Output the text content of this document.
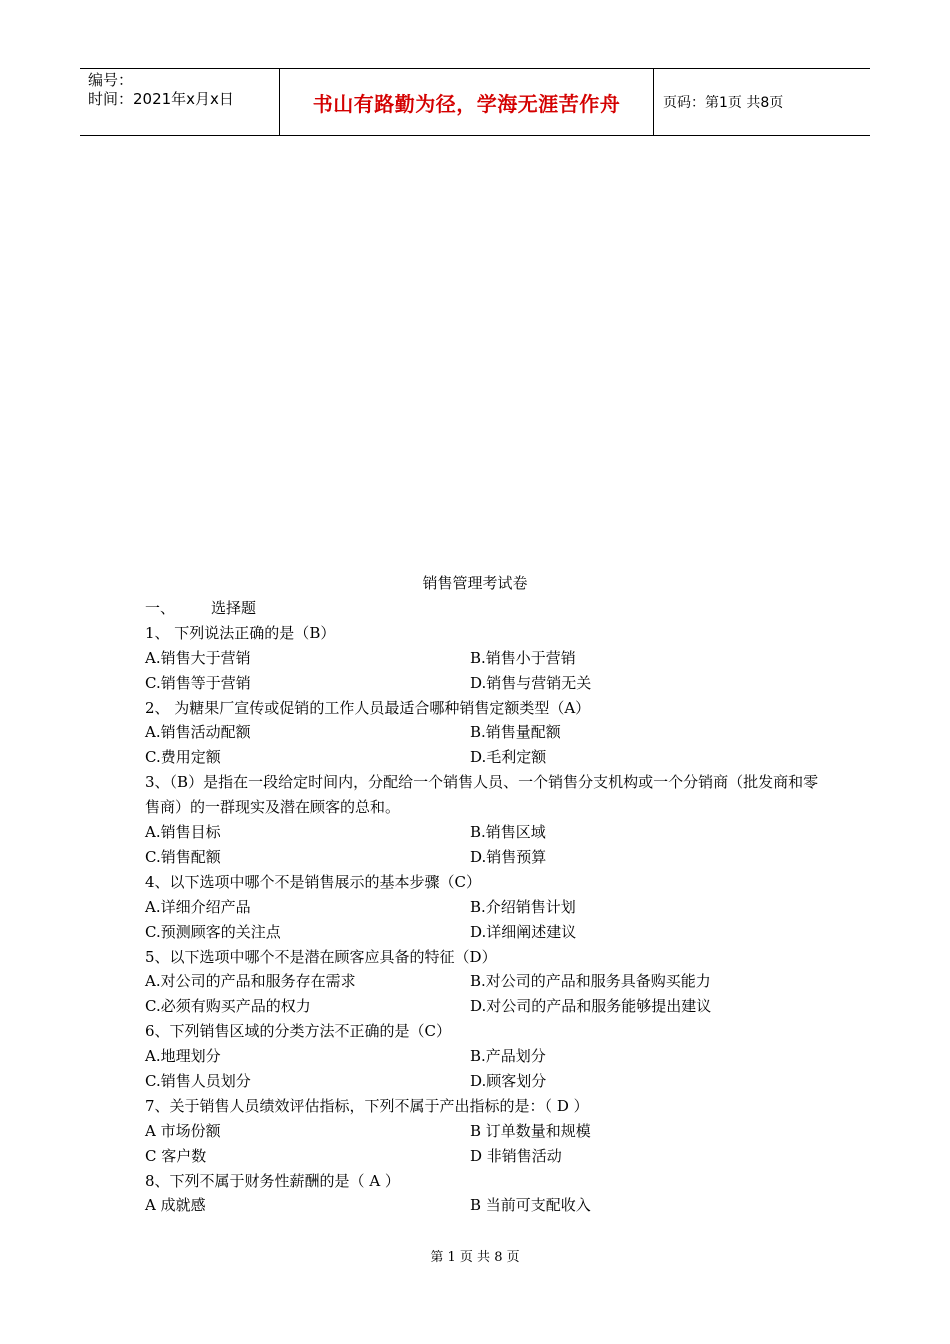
编号：
时间：2021年x月x日	书山有路勤为径，学海无涯苦作舟	页码：第1页 共8页
销售管理考试卷
一、 选择题
1、 下列说法正确的是（B）
A.销售大于营销	B.销售小于营销
C.销售等于营销	D.销售与营销无关
2、 为糖果厂宣传或促销的工作人员最适合哪种销售定额类型（A）
A.销售活动配额	B.销售量配额
C.费用定额	D.毛利定额
3、（B）是指在一段给定时间内，分配给一个销售人员、一个销售分支机构或一个分销商（批发商和零售商）的一群现实及潜在顾客的总和。
A.销售目标	B.销售区域
C.销售配额	D.销售预算
4、以下选项中哪个不是销售展示的基本步骤（C）
A.详细介绍产品	B.介绍销售计划
C.预测顾客的关注点	D.详细阐述建议
5、以下选项中哪个不是潜在顾客应具备的特征（D）
A.对公司的产品和服务存在需求	B.对公司的产品和服务具备购买能力
C.必须有购买产品的权力	D.对公司的产品和服务能够提出建议
6、下列销售区域的分类方法不正确的是（C）
A.地理划分	B.产品划分
C.销售人员划分	D.顾客划分
7、关于销售人员绩效评估指标，下列不属于产出指标的是：（ D ）
A 市场份额	B 订单数量和规模
C 客户数	D 非销售活动
8、下列不属于财务性薪酬的是（ A ）
A 成就感	B 当前可支配收入
第 1 页 共 8 页
